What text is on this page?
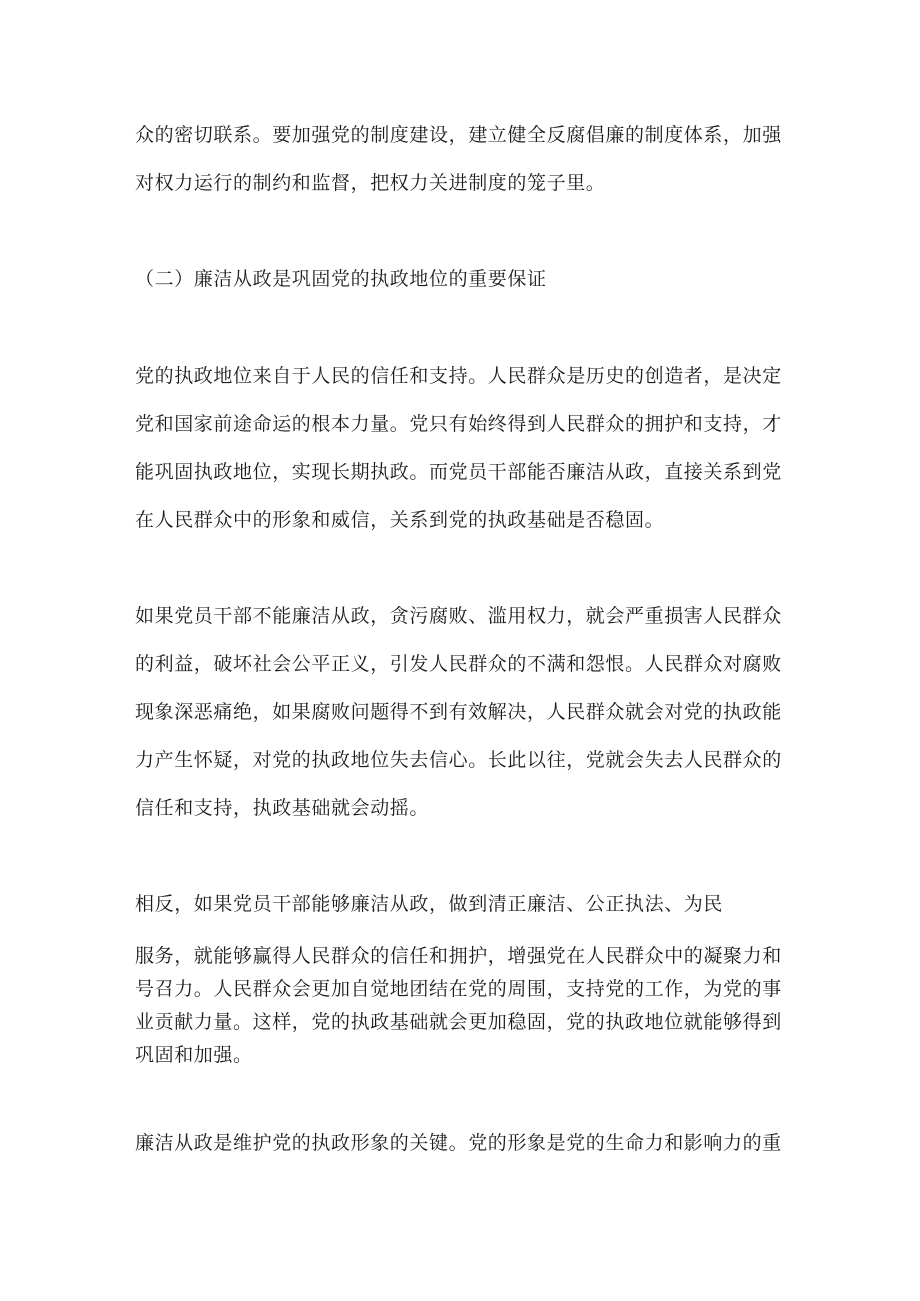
众的密切联系。要加强党的制度建设，建立健全反腐倡廉的制度体系，加强
对权力运行的制约和监督，把权力关进制度的笼子里。
（二）廉洁从政是巩固党的执政地位的重要保证
党的执政地位来自于人民的信任和支持。人民群众是历史的创造者，是决定
党和国家前途命运的根本力量。党只有始终得到人民群众的拥护和支持，才
能巩固执政地位，实现长期执政。而党员干部能否廉洁从政，直接关系到党
在人民群众中的形象和威信，关系到党的执政基础是否稳固。
如果党员干部不能廉洁从政，贪污腐败、滥用权力，就会严重损害人民群众
的利益，破坏社会公平正义，引发人民群众的不满和怨恨。人民群众对腐败
现象深恶痛绝，如果腐败问题得不到有效解决，人民群众就会对党的执政能
力产生怀疑，对党的执政地位失去信心。长此以往，党就会失去人民群众的
信任和支持，执政基础就会动摇。
相反，如果党员干部能够廉洁从政，做到清正廉洁、公正执法、为民
服务，就能够赢得人民群众的信任和拥护，增强党在人民群众中的凝聚力和
号召力。人民群众会更加自觉地团结在党的周围，支持党的工作，为党的事
业贡献力量。这样，党的执政基础就会更加稳固，党的执政地位就能够得到
巩固和加强。
廉洁从政是维护党的执政形象的关键。党的形象是党的生命力和影响力的重
